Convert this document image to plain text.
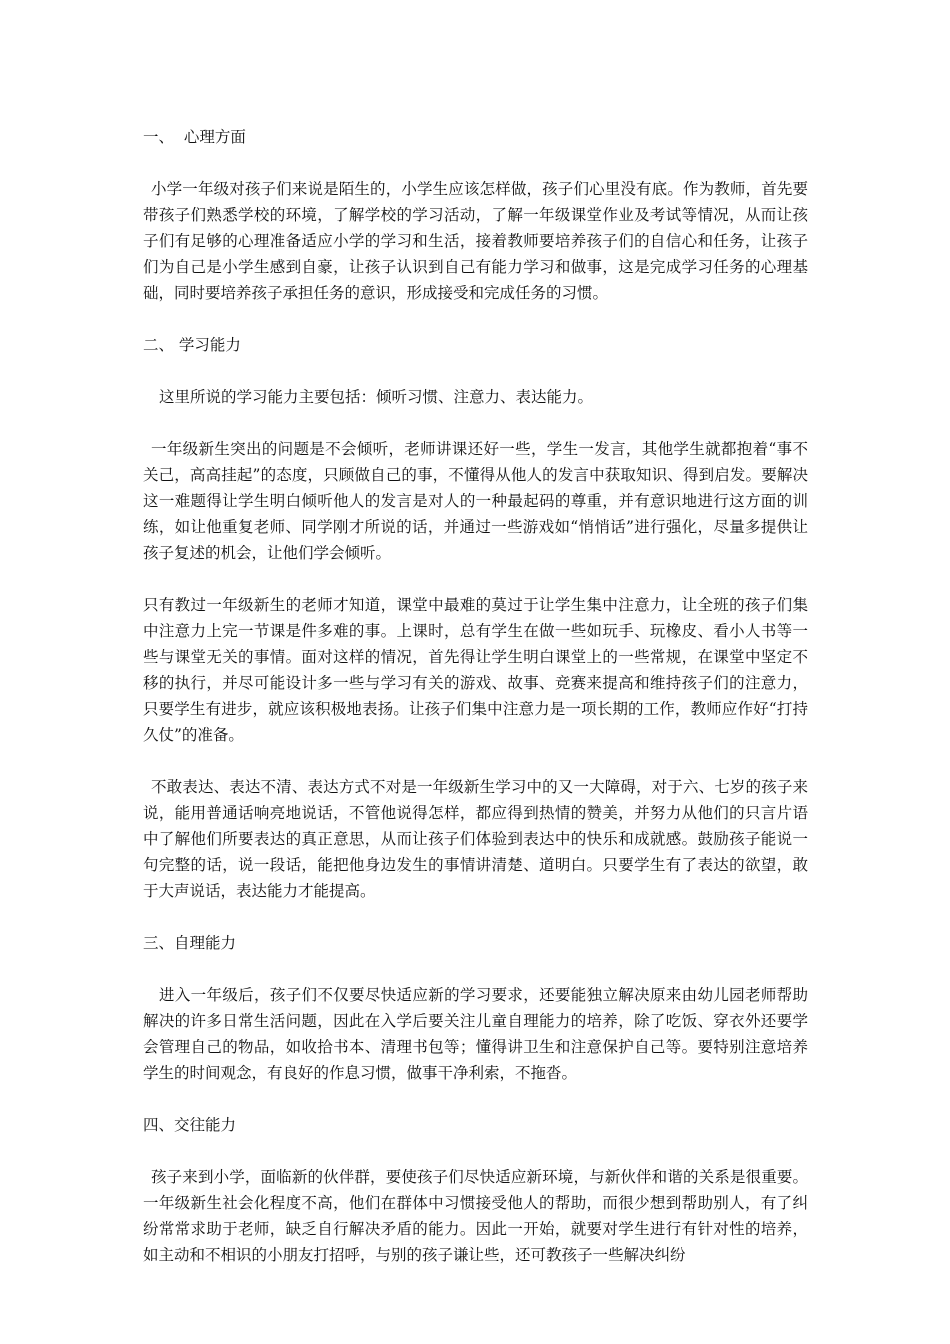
一、  心理方面

小学一年级对孩子们来说是陌生的，小学生应该怎样做，孩子们心里没有底。作为教师，首先要带孩子们熟悉学校的环境，了解学校的学习活动，了解一年级课堂作业及考试等情况，从而让孩子们有足够的心理准备适应小学的学习和生活，接着教师要培养孩子们的自信心和任务，让孩子们为自己是小学生感到自豪，让孩子认识到自己有能力学习和做事，这是完成学习任务的心理基础，同时要培养孩子承担任务的意识，形成接受和完成任务的习惯。

二、 学习能力

这里所说的学习能力主要包括：倾听习惯、注意力、表达能力。

一年级新生突出的问题是不会倾听，老师讲课还好一些，学生一发言，其他学生就都抱着“事不关己，高高挂起”的态度，只顾做自己的事，不懂得从他人的发言中获取知识、得到启发。要解决这一难题得让学生明白倾听他人的发言是对人的一种最起码的尊重，并有意识地进行这方面的训练，如让他重复老师、同学刚才所说的话，并通过一些游戏如“悄悄话”进行强化，尽量多提供让孩子复述的机会，让他们学会倾听。

只有教过一年级新生的老师才知道，课堂中最难的莫过于让学生集中注意力，让全班的孩子们集中注意力上完一节课是件多难的事。上课时，总有学生在做一些如玩手、玩橡皮、看小人书等一些与课堂无关的事情。面对这样的情况，首先得让学生明白课堂上的一些常规，在课堂中坚定不移的执行，并尽可能设计多一些与学习有关的游戏、故事、竞赛来提高和维持孩子们的注意力，只要学生有进步，就应该积极地表扬。让孩子们集中注意力是一项长期的工作，教师应作好“打持久仗”的准备。

不敢表达、表达不清、表达方式不对是一年级新生学习中的又一大障碍，对于六、七岁的孩子来说，能用普通话响亮地说话，不管他说得怎样，都应得到热情的赞美，并努力从他们的只言片语中了解他们所要表达的真正意思，从而让孩子们体验到表达中的快乐和成就感。鼓励孩子能说一句完整的话，说一段话，能把他身边发生的事情讲清楚、道明白。只要学生有了表达的欲望，敢于大声说话，表达能力才能提高。

三、自理能力

进入一年级后，孩子们不仅要尽快适应新的学习要求，还要能独立解决原来由幼儿园老师帮助解决的许多日常生活问题，因此在入学后要关注儿童自理能力的培养，除了吃饭、穿衣外还要学会管理自己的物品，如收拾书本、清理书包等；懂得讲卫生和注意保护自己等。要特别注意培养学生的时间观念，有良好的作息习惯，做事干净利索，不拖沓。

四、交往能力

孩子来到小学，面临新的伙伴群，要使孩子们尽快适应新环境，与新伙伴和谐的关系是很重要。一年级新生社会化程度不高，他们在群体中习惯接受他人的帮助，而很少想到帮助别人，有了纠纷常常求助于老师，缺乏自行解决矛盾的能力。因此一开始，就要对学生进行有针对性的培养，如主动和不相识的小朋友打招呼，与别的孩子谦让些，还可教孩子一些解决纠纷
